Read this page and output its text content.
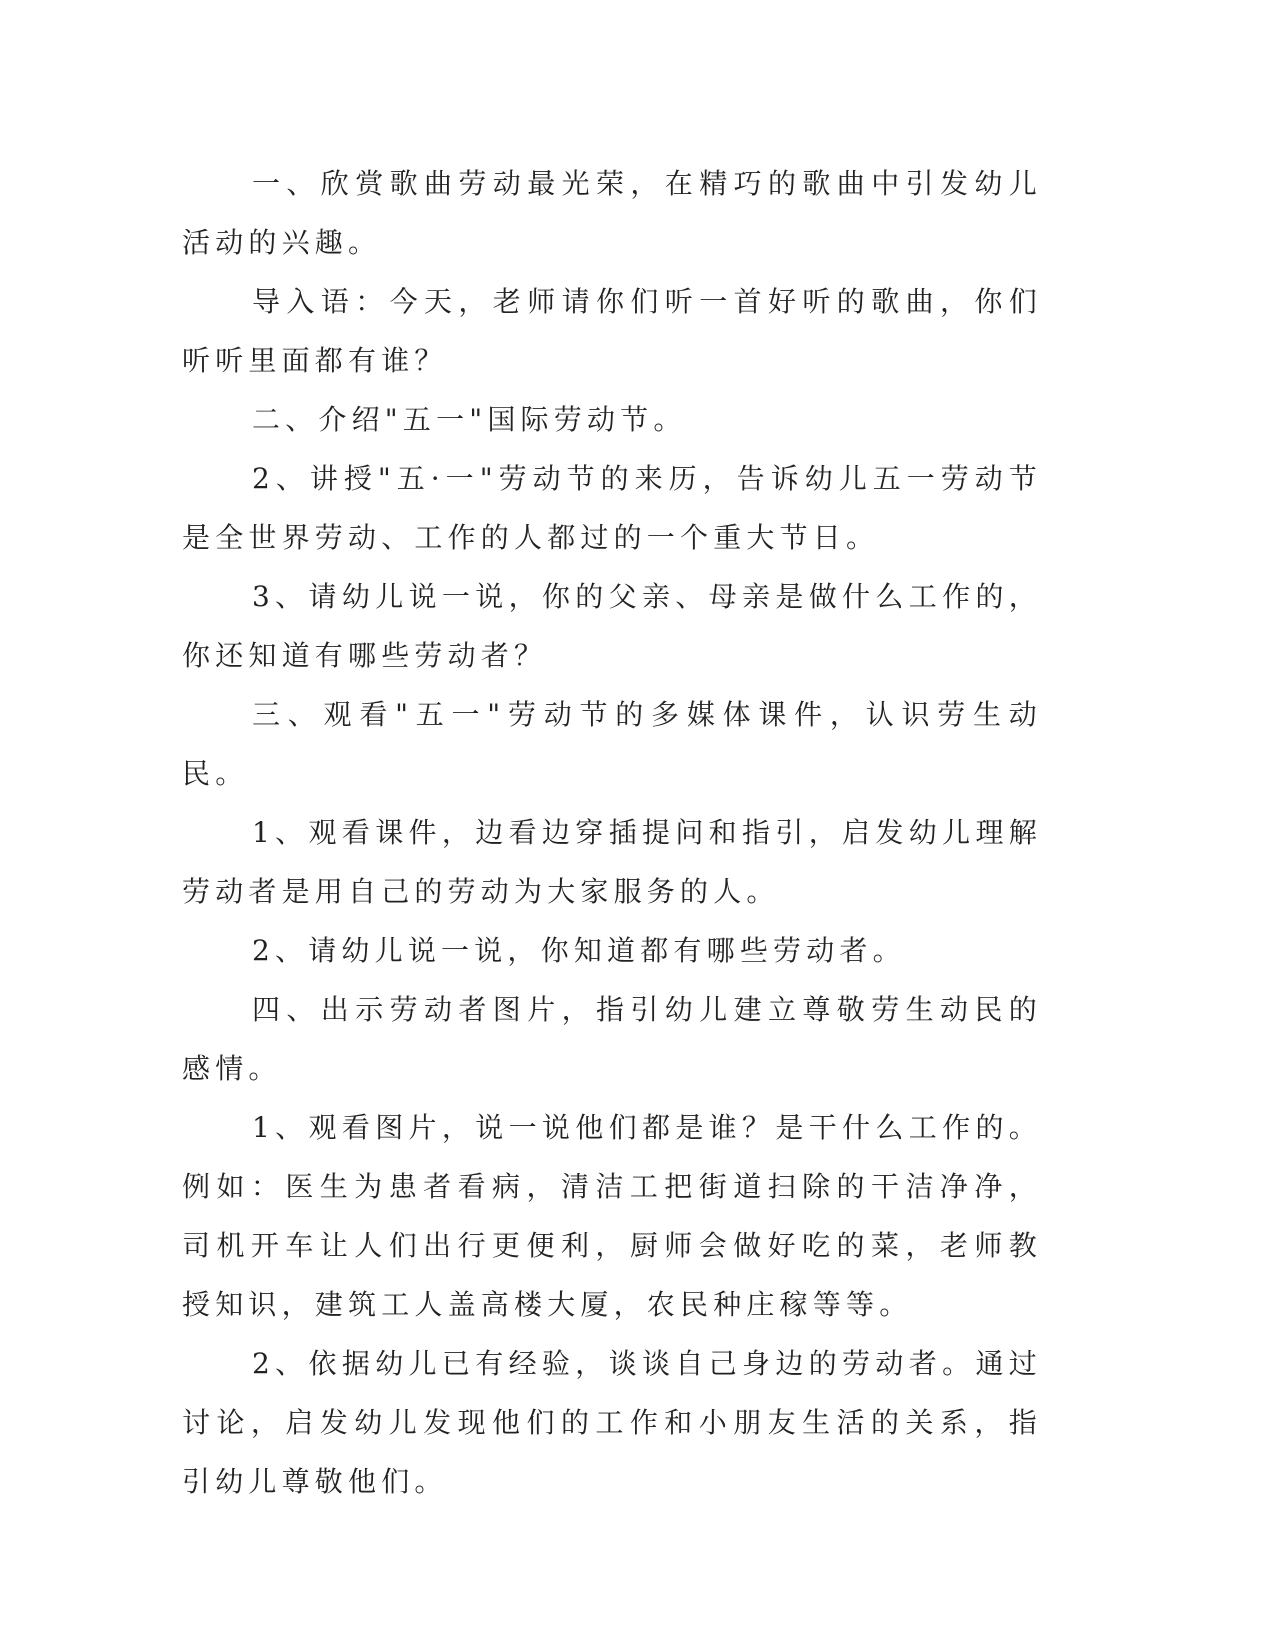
一、欣赏歌曲劳动最光荣，在精巧的歌曲中引发幼儿活动的兴趣。

导入语：今天，老师请你们听一首好听的歌曲，你们听听里面都有谁？

二、介绍"五一"国际劳动节。

2、讲授"五·一"劳动节的来历，告诉幼儿五一劳动节是全世界劳动、工作的人都过的一个重大节日。

3、请幼儿说一说，你的父亲、母亲是做什么工作的，你还知道有哪些劳动者？

三、观看"五一"劳动节的多媒体课件，认识劳生动民。

1、观看课件，边看边穿插提问和指引，启发幼儿理解劳动者是用自己的劳动为大家服务的人。

2、请幼儿说一说，你知道都有哪些劳动者。

四、出示劳动者图片，指引幼儿建立尊敬劳生动民的感情。

1、观看图片，说一说他们都是谁？是干什么工作的。例如：医生为患者看病，清洁工把街道扫除的干洁净净，司机开车让人们出行更便利，厨师会做好吃的菜，老师教授知识，建筑工人盖高楼大厦，农民种庄稼等等。

2、依据幼儿已有经验，谈谈自己身边的劳动者。通过讨论，启发幼儿发现他们的工作和小朋友生活的关系，指引幼儿尊敬他们。
